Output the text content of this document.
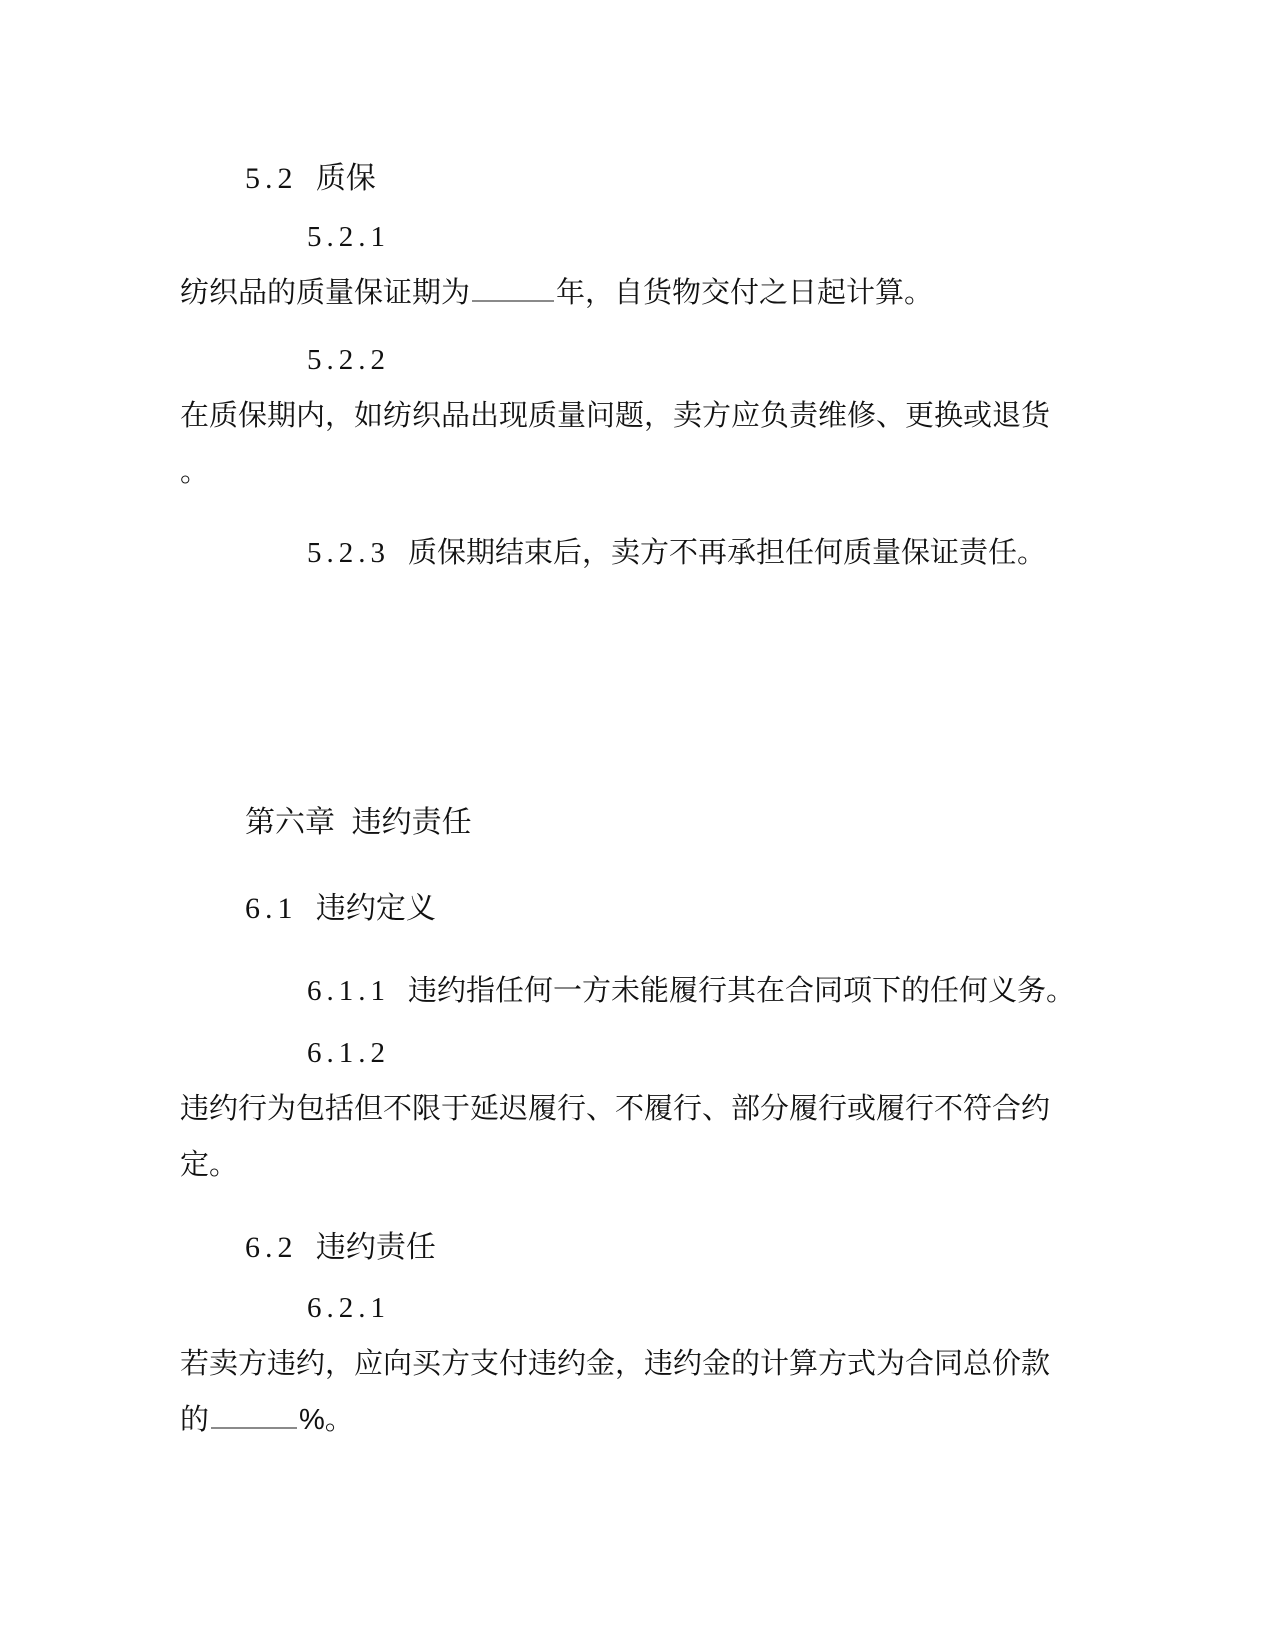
5.2 质保
5.2.1
纺织品的质量保证期为	年，自货物交付之日起计算。
5.2.2
在质保期内，如纺织品出现质量问题，卖方应负责维修、更换或退货
。
5.2.3 质保期结束后，卖方不再承担任何质量保证责任。
第六章  违约责任
6.1 违约定义
6.1.1 违约指任何一方未能履行其在合同项下的任何义务。
6.1.2
违约行为包括但不限于延迟履行、不履行、部分履行或履行不符合约
定。
6.2 违约责任
6.2.1
若卖方违约，应向买方支付违约金，违约金的计算方式为合同总价款
的	%。
